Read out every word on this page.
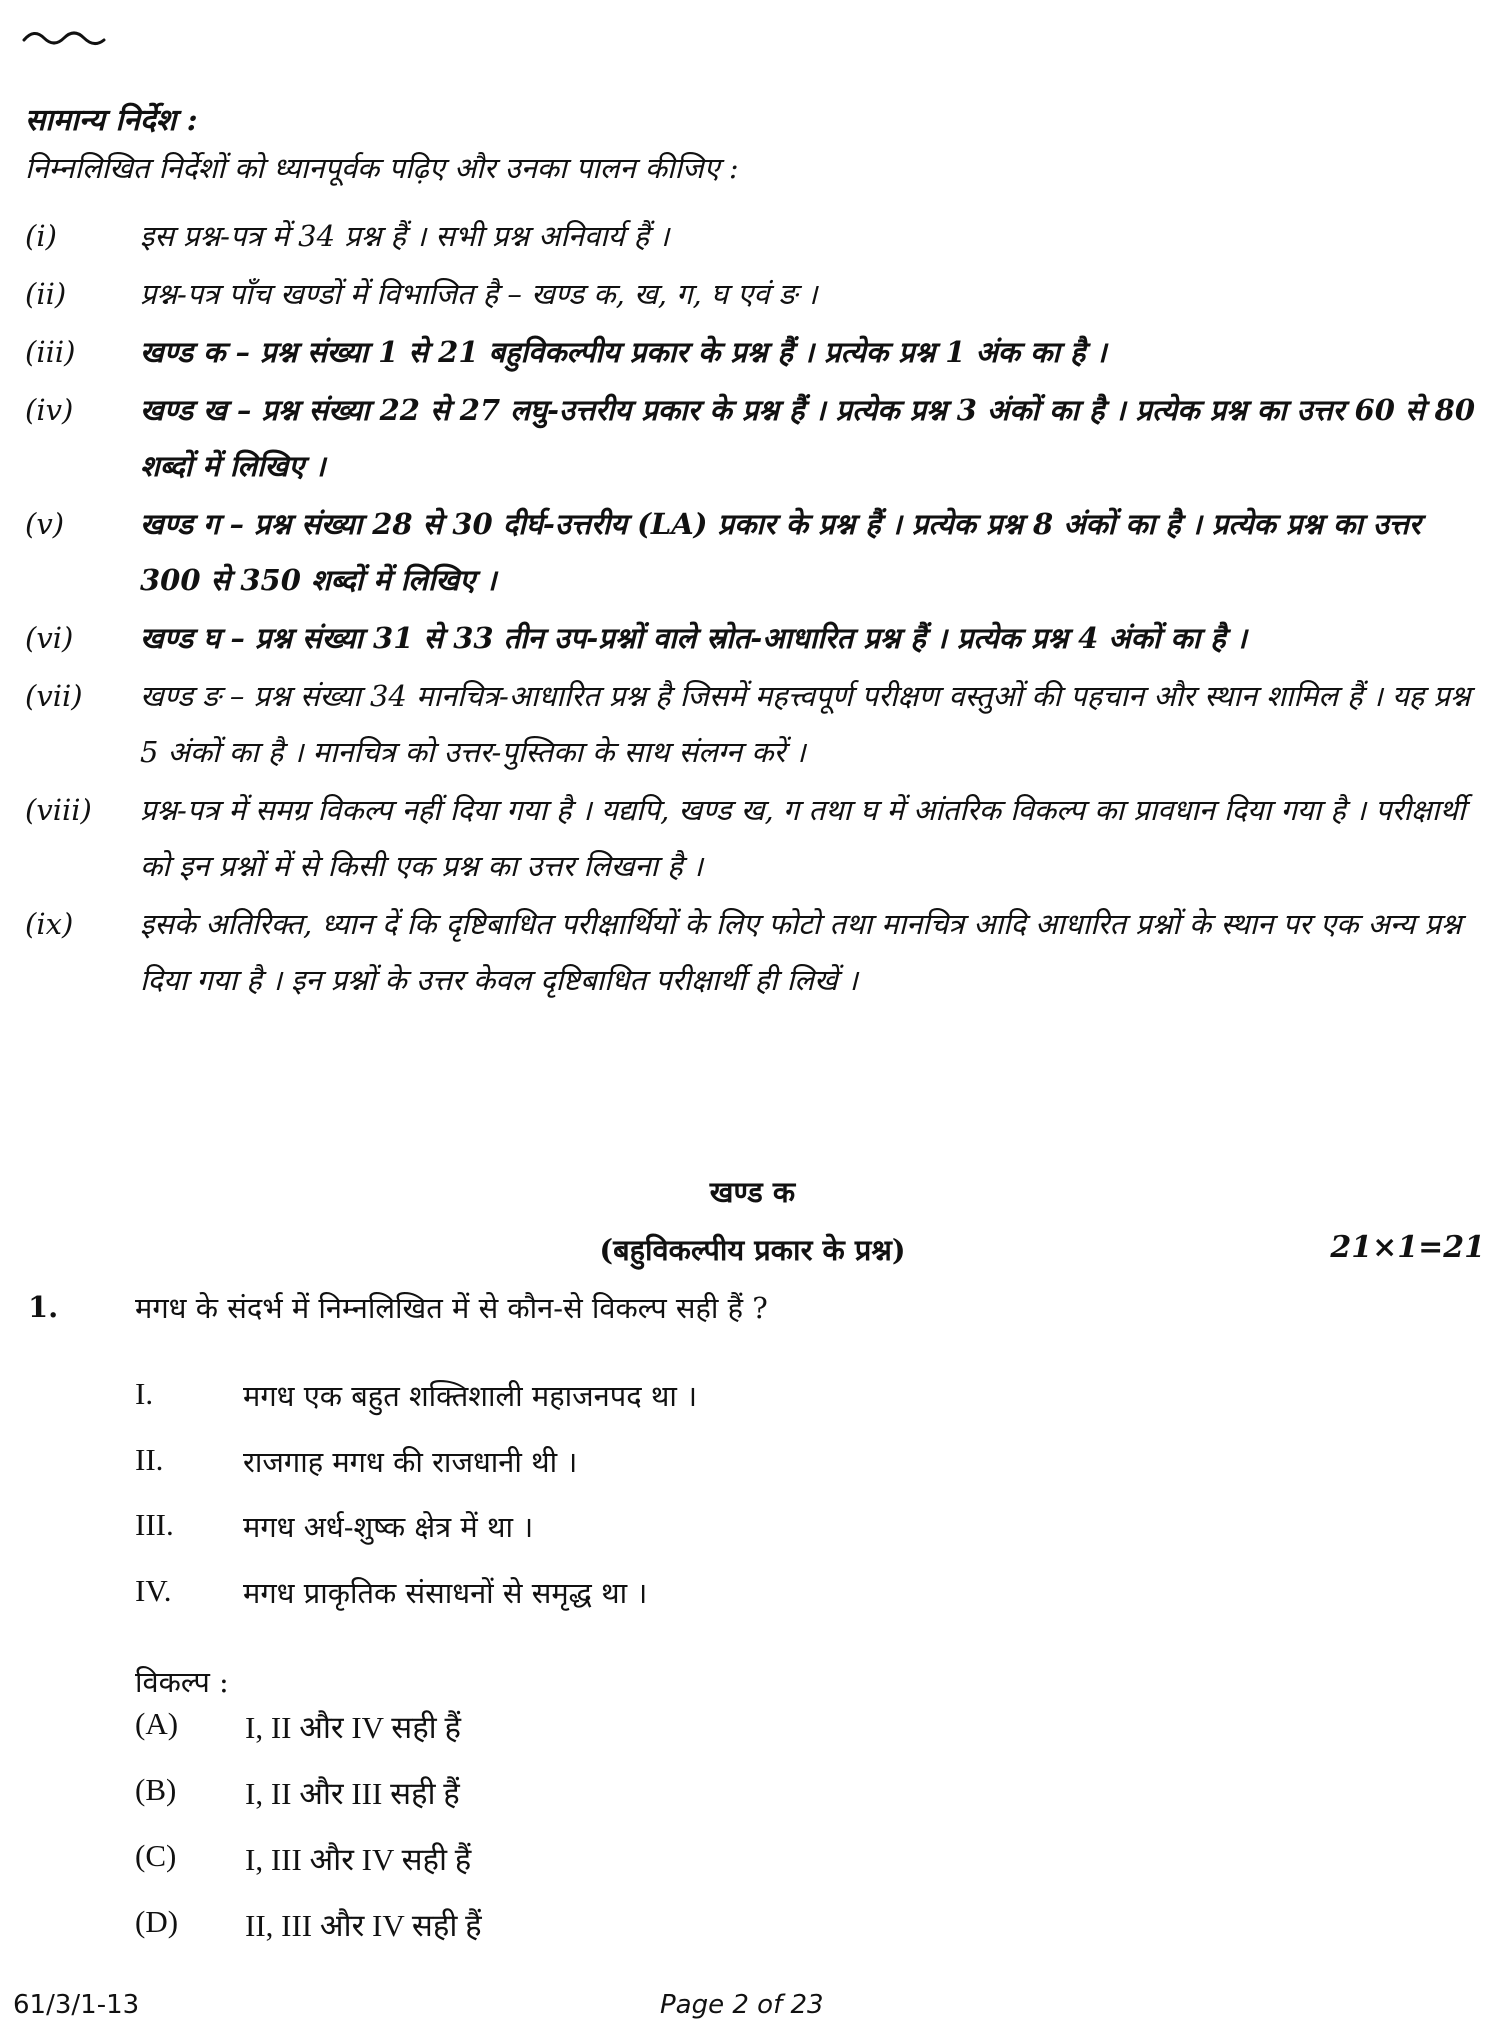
सामान्य निर्देश :
निम्नलिखित निर्देशों को ध्यानपूर्वक पढ़िए और उनका पालन कीजिए :
(i)	इस प्रश्न-पत्र में 34 प्रश्न हैं । सभी प्रश्न अनिवार्य हैं ।
(ii)	प्रश्न-पत्र पाँच खण्डों में विभाजित है – खण्ड क, ख, ग, घ एवं ङ ।
(iii)	खण्ड क – प्रश्न संख्या 1 से 21 बहुविकल्पीय प्रकार के प्रश्न हैं । प्रत्येक प्रश्न 1 अंक का है ।
(iv)	खण्ड ख – प्रश्न संख्या 22 से 27 लघु-उत्तरीय प्रकार के प्रश्न हैं । प्रत्येक प्रश्न 3 अंकों का है । प्रत्येक प्रश्न का उत्तर 60 से 80 शब्दों में लिखिए ।
(v)	खण्ड ग – प्रश्न संख्या 28 से 30 दीर्घ-उत्तरीय (LA) प्रकार के प्रश्न हैं । प्रत्येक प्रश्न 8 अंकों का है । प्रत्येक प्रश्न का उत्तर 300 से 350 शब्दों में लिखिए ।
(vi)	खण्ड घ – प्रश्न संख्या 31 से 33 तीन उप-प्रश्नों वाले स्रोत-आधारित प्रश्न हैं । प्रत्येक प्रश्न 4 अंकों का है ।
(vii)	खण्ड ङ – प्रश्न संख्या 34 मानचित्र-आधारित प्रश्न है जिसमें महत्त्वपूर्ण परीक्षण वस्तुओं की पहचान और स्थान शामिल हैं । यह प्रश्न 5 अंकों का है । मानचित्र को उत्तर-पुस्तिका के साथ संलग्न करें ।
(viii)	प्रश्न-पत्र में समग्र विकल्प नहीं दिया गया है । यद्यपि, खण्ड ख, ग तथा घ में आंतरिक विकल्प का प्रावधान दिया गया है । परीक्षार्थी को इन प्रश्नों में से किसी एक प्रश्न का उत्तर लिखना है ।
(ix)	इसके अतिरिक्त, ध्यान दें कि दृष्टिबाधित परीक्षार्थियों के लिए फोटो तथा मानचित्र आदि आधारित प्रश्नों के स्थान पर एक अन्य प्रश्न दिया गया है । इन प्रश्नों के उत्तर केवल दृष्टिबाधित परीक्षार्थी ही लिखें ।
खण्ड क
(बहुविकल्पीय प्रकार के प्रश्न)	21×1=21
1.	मगध के संदर्भ में निम्नलिखित में से कौन-से विकल्प सही हैं ?
I.	मगध एक बहुत शक्तिशाली महाजनपद था ।
II.	राजगाह मगध की राजधानी थी ।
III.	मगध अर्ध-शुष्क क्षेत्र में था ।
IV.	मगध प्राकृतिक संसाधनों से समृद्ध था ।
विकल्प :
(A)	I, II और IV सही हैं
(B)	I, II और III सही हैं
(C)	I, III और IV सही हैं
(D)	II, III और IV सही हैं
61/3/1-13	Page 2 of 23
